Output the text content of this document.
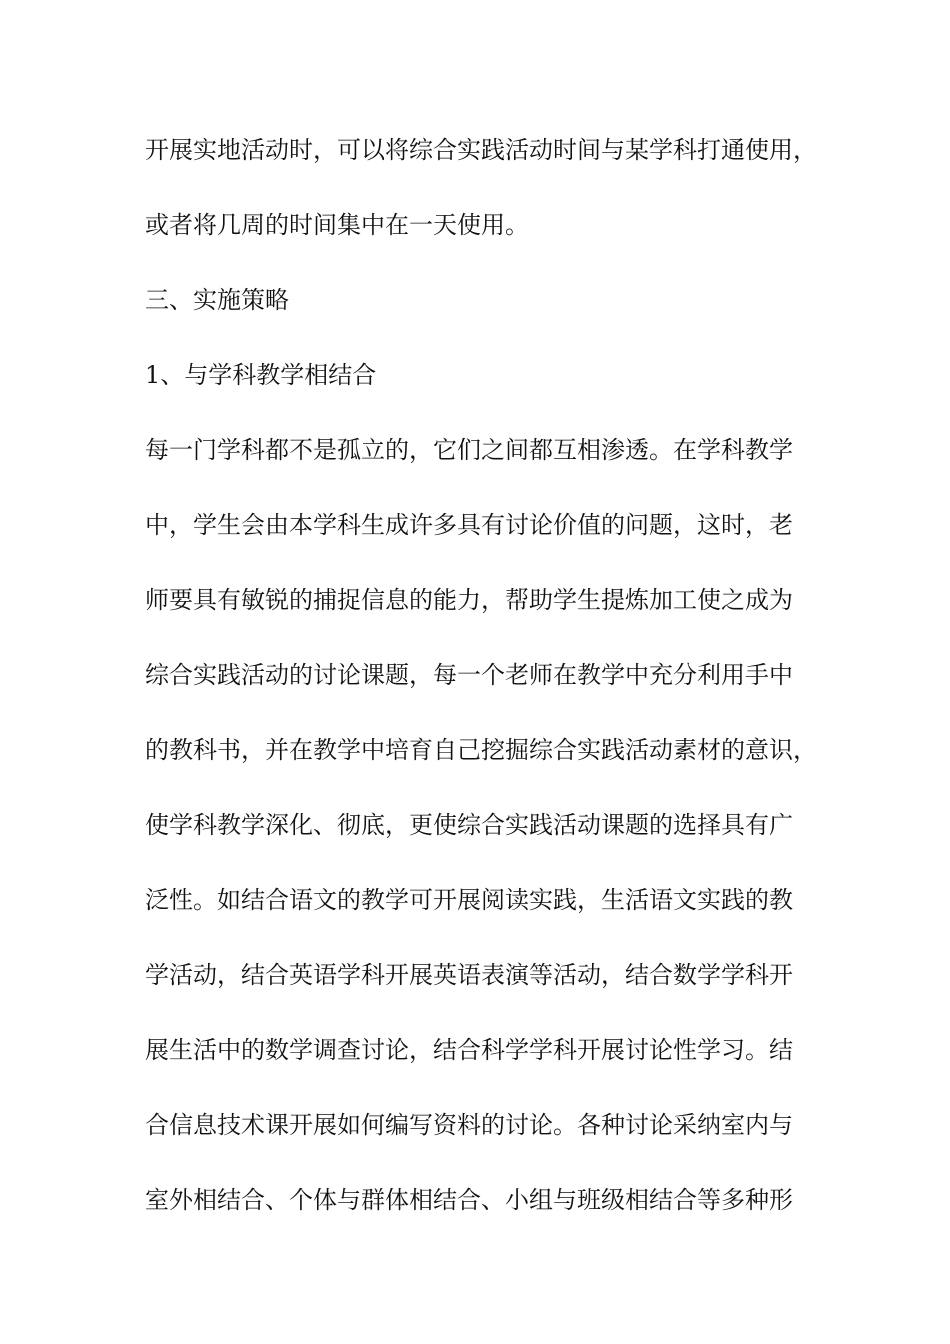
开展实地活动时，可以将综合实践活动时间与某学科打通使用，
或者将几周的时间集中在一天使用。
三、实施策略
1、与学科教学相结合
每一门学科都不是孤立的，它们之间都互相渗透。在学科教学
中，学生会由本学科生成许多具有讨论价值的问题，这时，老
师要具有敏锐的捕捉信息的能力，帮助学生提炼加工使之成为
综合实践活动的讨论课题，每一个老师在教学中充分利用手中
的教科书，并在教学中培育自己挖掘综合实践活动素材的意识，
使学科教学深化、彻底，更使综合实践活动课题的选择具有广
泛性。如结合语文的教学可开展阅读实践，生活语文实践的教
学活动，结合英语学科开展英语表演等活动，结合数学学科开
展生活中的数学调查讨论，结合科学学科开展讨论性学习。结
合信息技术课开展如何编写资料的讨论。各种讨论采纳室内与
室外相结合、个体与群体相结合、小组与班级相结合等多种形
